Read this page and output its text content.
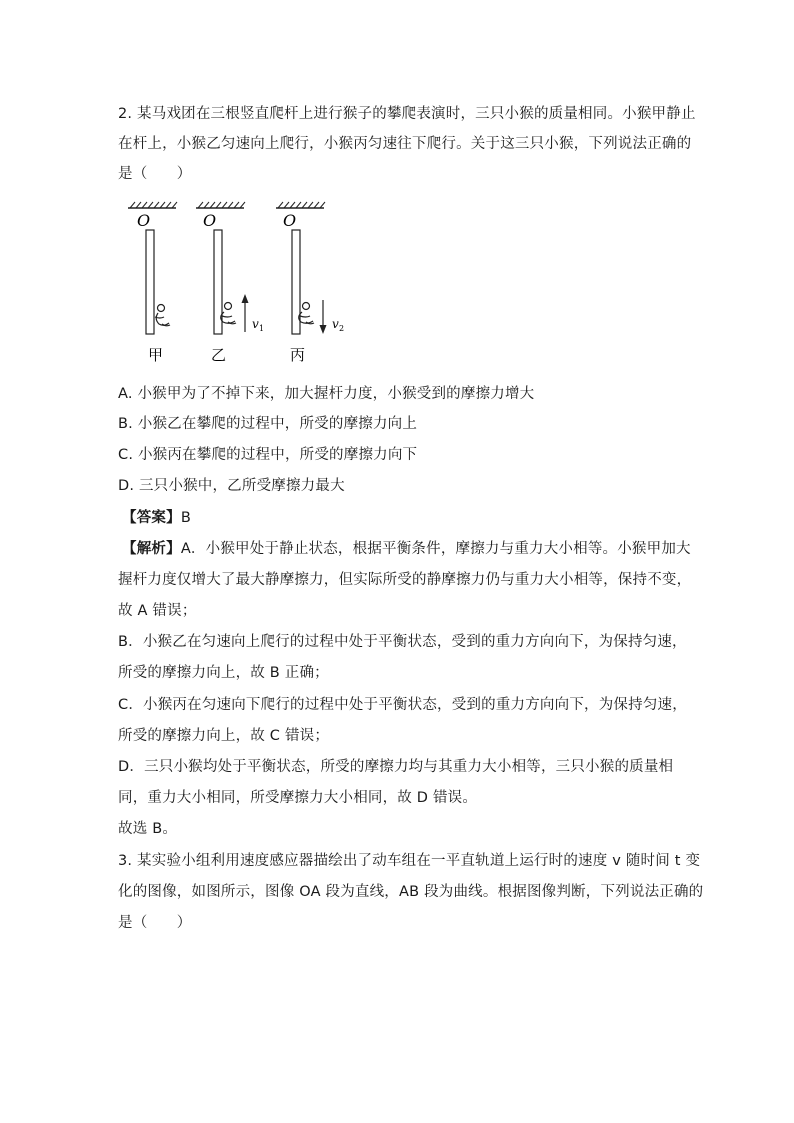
2. 某马戏团在三根竖直爬杆上进行猴子的攀爬表演时，三只小猴的质量相同。小猴甲静止
在杆上，小猴乙匀速向上爬行，小猴丙匀速往下爬行。关于这三只小猴，下列说法正确的
是（　　）
O
甲
O
v 1
乙
O
v 2
丙
A. 小猴甲为了不掉下来，加大握杆力度，小猴受到的摩擦力增大
B. 小猴乙在攀爬的过程中，所受的摩擦力向上
C. 小猴丙在攀爬的过程中，所受的摩擦力向下
D. 三只小猴中，乙所受摩擦力最大
【答案】B
【解析】A．小猴甲处于静止状态，根据平衡条件，摩擦力与重力大小相等。小猴甲加大
握杆力度仅增大了最大静摩擦力，但实际所受的静摩擦力仍与重力大小相等，保持不变，
故 A 错误；
B．小猴乙在匀速向上爬行的过程中处于平衡状态，受到的重力方向向下，为保持匀速，
所受的摩擦力向上，故 B 正确；
C．小猴丙在匀速向下爬行的过程中处于平衡状态，受到的重力方向向下，为保持匀速，
所受的摩擦力向上，故 C 错误；
D．三只小猴均处于平衡状态，所受的摩擦力均与其重力大小相等，三只小猴的质量相
同，重力大小相同，所受摩擦力大小相同，故 D 错误。
故选 B。
3. 某实验小组利用速度感应器描绘出了动车组在一平直轨道上运行时的速度 v 随时间 t 变
化的图像，如图所示，图像 OA 段为直线，AB 段为曲线。根据图像判断，下列说法正确的
是（　　）
